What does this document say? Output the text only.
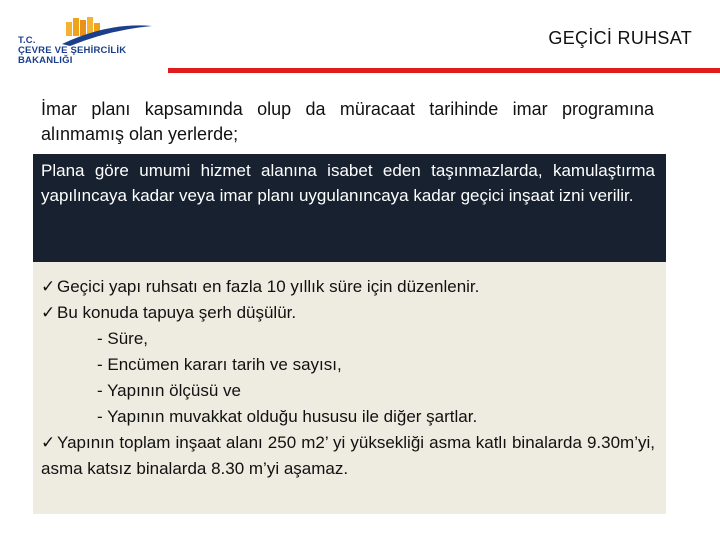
T.C.
ÇEVRE VE ŞEHİRCİLİK
BAKANLIĞI
GEÇİCİ RUHSAT
İmar planı kapsamında olup da müracaat tarihinde imar programına alınmamış olan yerlerde;

Plana göre umumi hizmet alanına isabet eden taşınmazlarda, kamulaştırma yapılıncaya kadar veya imar planı uygulanıncaya kadar geçici inşaat izni verilir.

✓ Geçici yapı ruhsatı en fazla 10 yıllık süre için düzenlenir.
✓ Bu konuda tapuya şerh düşülür.
- Süre,
- Encümen kararı tarih ve sayısı,
- Yapının ölçüsü ve
- Yapının muvakkat olduğu hususu ile diğer şartlar.
✓ Yapının toplam inşaat alanı 250 m2’ yi yüksekliği asma katlı binalarda 9.30m’yi, asma katsız binalarda 8.30 m’yi aşamaz.
